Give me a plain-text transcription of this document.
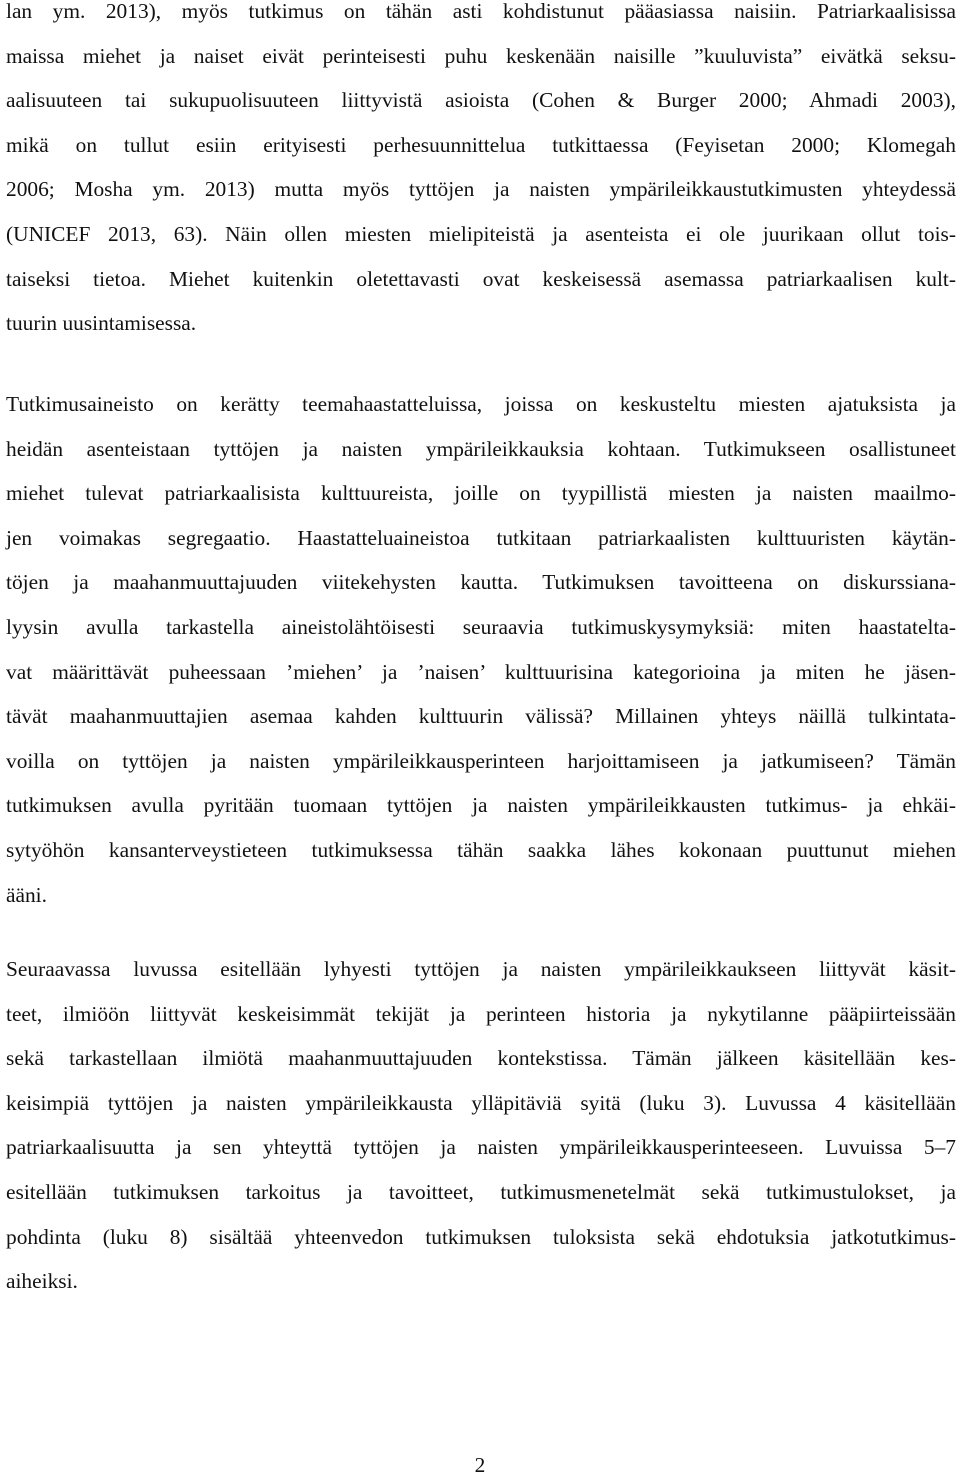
lan ym. 2013), myös tutkimus on tähän asti kohdistunut pääasiassa naisiin. Patriarkaalisissa
maissa miehet ja naiset eivät perinteisesti puhu keskenään naisille ”kuuluvista” eivätkä seksu-
aalisuuteen tai sukupuolisuuteen liittyvistä asioista (Cohen & Burger 2000; Ahmadi 2003),
mikä on tullut esiin erityisesti perhesuunnittelua tutkittaessa (Feyisetan 2000; Klomegah
2006; Mosha ym. 2013) mutta myös tyttöjen ja naisten ympärileikkaustutkimusten yhteydessä
(UNICEF 2013, 63). Näin ollen miesten mielipiteistä ja asenteista ei ole juurikaan ollut tois-
taiseksi tietoa. Miehet kuitenkin oletettavasti ovat keskeisessä asemassa patriarkaalisen kult-
tuurin uusintamisessa.
Tutkimusaineisto on kerätty teemahaastatteluissa, joissa on keskusteltu miesten ajatuksista ja
heidän asenteistaan tyttöjen ja naisten ympärileikkauksia kohtaan. Tutkimukseen osallistuneet
miehet tulevat patriarkaalisista kulttuureista, joille on tyypillistä miesten ja naisten maailmo-
jen voimakas segregaatio. Haastatteluaineistoa tutkitaan patriarkaalisten kulttuuristen käytän-
töjen ja maahanmuuttajuuden viitekehysten kautta. Tutkimuksen tavoitteena on diskurssiana-
lyysin avulla tarkastella aineistolähtöisesti seuraavia tutkimuskysymyksiä: miten haastatelta-
vat määrittävät puheessaan ’miehen’ ja ’naisen’ kulttuurisina kategorioina ja miten he jäsen-
tävät maahanmuuttajien asemaa kahden kulttuurin välissä? Millainen yhteys näillä tulkintata-
voilla on tyttöjen ja naisten ympärileikkausperinteen harjoittamiseen ja jatkumiseen? Tämän
tutkimuksen avulla pyritään tuomaan tyttöjen ja naisten ympärileikkausten tutkimus- ja ehkäi-
sytyöhön kansanterveystieteen tutkimuksessa tähän saakka lähes kokonaan puuttunut miehen
ääni.
Seuraavassa luvussa esitellään lyhyesti tyttöjen ja naisten ympärileikkaukseen liittyvät käsit-
teet, ilmiöön liittyvät keskeisimmät tekijät ja perinteen historia ja nykytilanne pääpiirteissään
sekä tarkastellaan ilmiötä maahanmuuttajuuden kontekstissa. Tämän jälkeen käsitellään kes-
keisimpiä tyttöjen ja naisten ympärileikkausta ylläpitäviä syitä (luku 3). Luvussa 4 käsitellään
patriarkaalisuutta ja sen yhteyttä tyttöjen ja naisten ympärileikkausperinteeseen. Luvuissa 5–7
esitellään tutkimuksen tarkoitus ja tavoitteet, tutkimusmenetelmät sekä tutkimustulokset, ja
pohdinta (luku 8) sisältää yhteenvedon tutkimuksen tuloksista sekä ehdotuksia jatkotutkimus-
aiheiksi.
2
